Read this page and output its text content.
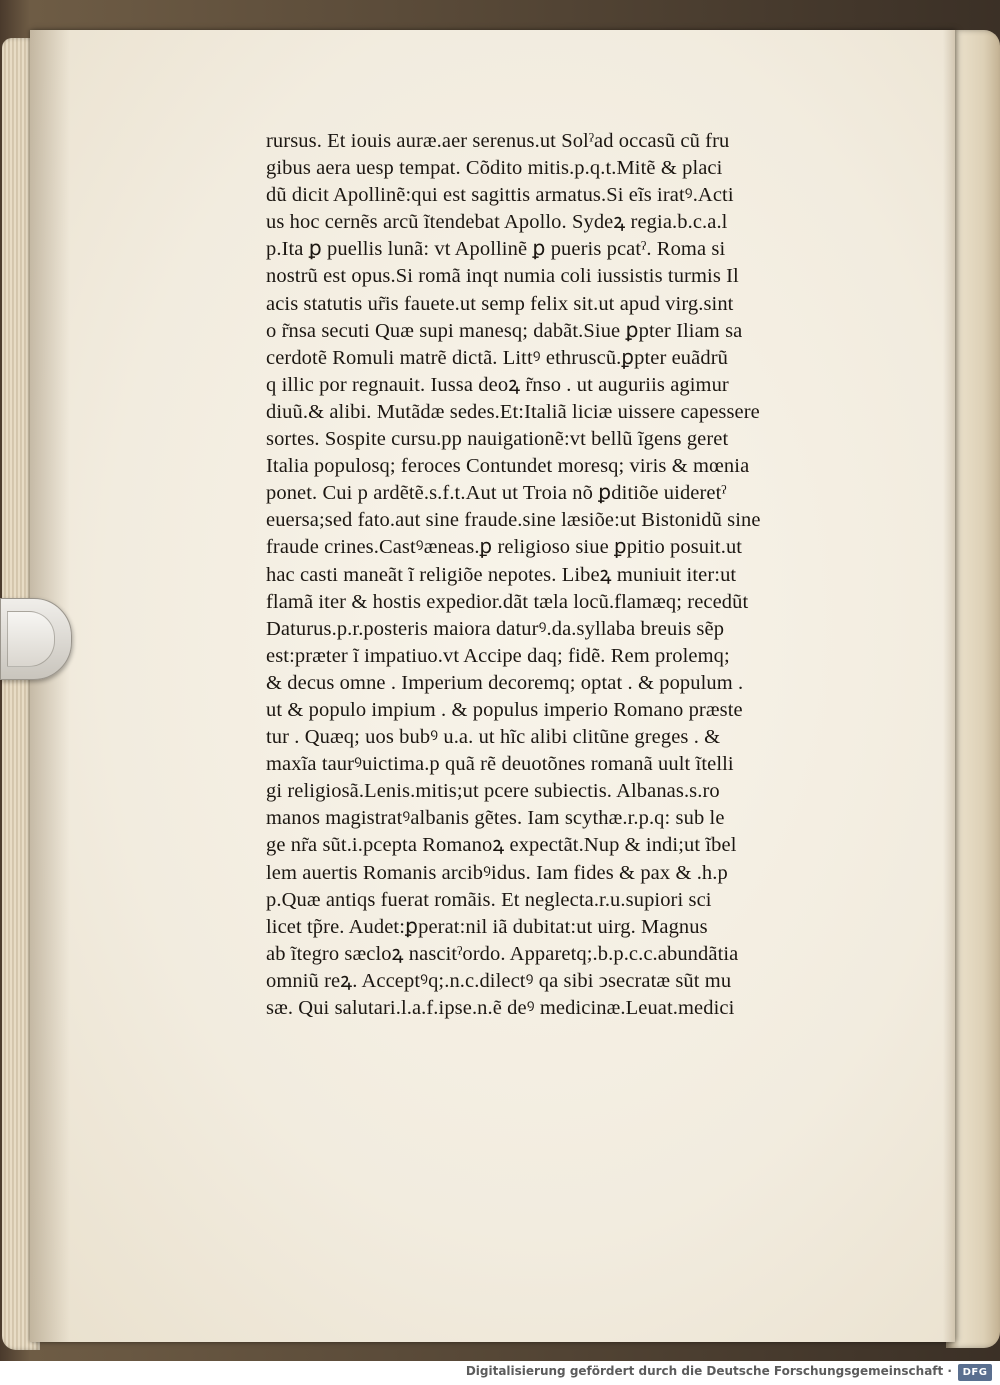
rursus. Et iouis auræ.aer serenus.ut Solˀad occasũ cũ fru
gibus aera uesp tempat. Cõdito mitis.p.q.t.Mitẽ & placi
dũ dicit Apollinẽ:qui est sagittis armatus.Si eĩs iratꝰ.Acti
us hoc cernẽs arcũ ĩtendebat Apollo. Sydeꝝ regia.b.c.a.l
p.Ita ꝑ puellis lunã: vt Apollinẽ ꝑ pueris pcatˀ. Roma si
nostrũ est opus.Si romã inqt numia coli iussistis turmis Il
acis statutis ur̃is fauete.ut semp felix sit.ut apud virg.sint
o r̃nsa secuti Quæ supi manesq; dabãt.Siue ꝑpter Iliam sa
cerdotẽ Romuli matrẽ dictã. Littꝰ ethruscũ.ꝑpter euãdrũ
q illic por regnauit. Iussa deoꝝ r̃nso . ut auguriis agimur
diuũ.& alibi. Mutãdæ sedes.Et:Italiã liciæ uissere capessere
sortes. Sospite cursu.pp nauigationẽ:vt bellũ ĩgens geret
Italia populosq; feroces Contundet moresq; viris & mœnia
ponet. Cui p ardẽtẽ.s.f.t.Aut ut Troia nõ ꝑditiõe uideretˀ
euersa;sed fato.aut sine fraude.sine læsiõe:ut Bistonidũ sine
fraude crines.Castꝰæneas.ꝑ religioso siue ꝑpitio posuit.ut
hac casti maneãt ĩ religiõe nepotes. Libeꝝ muniuit iter:ut
flamã iter & hostis expedior.dãt tæla locũ.flamæq; recedũt
Daturus.p.r.posteris maiora daturꝰ.da.syllaba breuis sẽp
est:præter ĩ impatiuo.vt Accipe daq; fidẽ. Rem prolemq;
& decus omne . Imperium decoremq; optat . & populum .
ut & populo impium . & populus imperio Romano præste
tur . Quæq; uos bubꝰ u.a. ut hĩc alibi clitũne greges . &
maxĩa taurꝰuictima.p quã rẽ deuotõnes romanã uult ĩtelli
gi religiosã.Lenis.mitis;ut pcere subiectis. Albanas.s.ro
manos magistratꝰalbanis gẽtes. Iam scythæ.r.p.q: sub le
ge nr̃a sũt.i.pcepta Romanoꝝ expectãt.Nup & indi;ut ĩbel
lem auertis Romanis arcibꝰidus. Iam fides & pax & .h.p
p.Quæ antiqs fuerat romãis. Et neglecta.r.u.supiori sci
licet tp̃re. Audet:ꝑperat:nil iã dubitat:ut uirg. Magnus
ab ĩtegro sæcloꝝ nascitˀordo. Apparetq;.b.p.c.c.abundãtia
omniũ reꝝ. Acceptꝰq;.n.c.dilectꝰ qa sibi ↄsecratæ sũt mu
sæ. Qui salutari.l.a.f.ipse.n.ẽ deꝰ medicinæ.Leuat.medici
Digitalisierung gefördert durch die Deutsche Forschungsgemeinschaft ·	DFG
